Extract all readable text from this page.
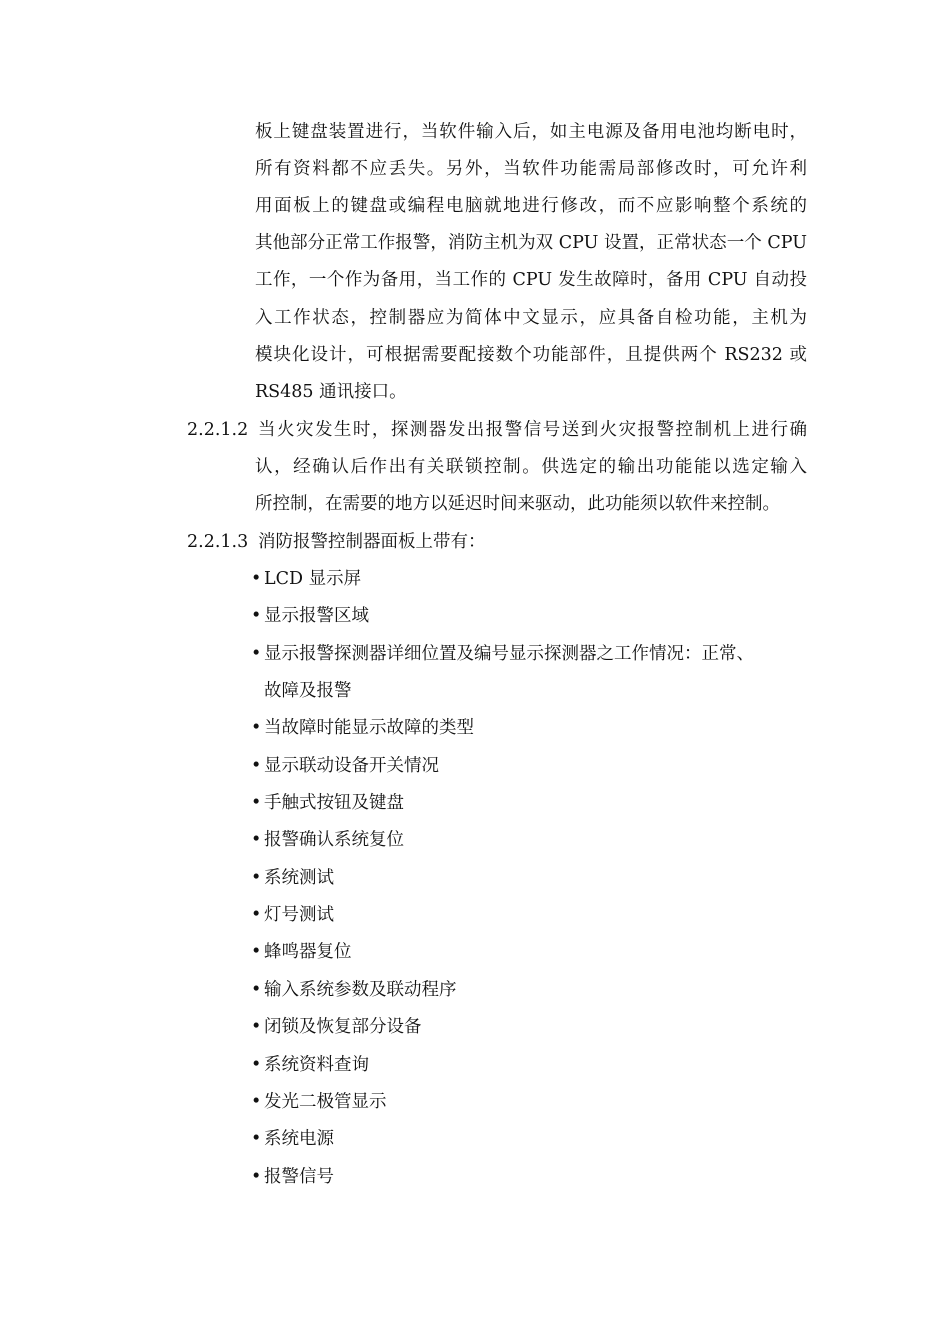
板上键盘装置进行，当软件输入后，如主电源及备用电池均断电时，
所有资料都不应丢失。另外，当软件功能需局部修改时，可允许利
用面板上的键盘或编程电脑就地进行修改，而不应影响整个系统的
其他部分正常工作报警，消防主机为双 CPU 设置，正常状态一个 CPU
工作，一个作为备用，当工作的 CPU 发生故障时，备用 CPU 自动投
入工作状态，控制器应为简体中文显示，应具备自检功能，主机为
模块化设计，可根据需要配接数个功能部件，且提供两个 RS232 或
RS485 通讯接口。
2.2.1.2 当火灾发生时，探测器发出报警信号送到火灾报警控制机上进行确
认，经确认后作出有关联锁控制。供选定的输出功能能以选定输入
所控制，在需要的地方以延迟时间来驱动，此功能须以软件来控制。
2.2.1.3 消防报警控制器面板上带有：
• LCD 显示屏
• 显示报警区域
• 显示报警探测器详细位置及编号显示探测器之工作情况：正常、
故障及报警
• 当故障时能显示故障的类型
• 显示联动设备开关情况
• 手触式按钮及键盘
• 报警确认系统复位
• 系统测试
• 灯号测试
• 蜂鸣器复位
• 输入系统参数及联动程序
• 闭锁及恢复部分设备
• 系统资料查询
• 发光二极管显示
• 系统电源
• 报警信号
